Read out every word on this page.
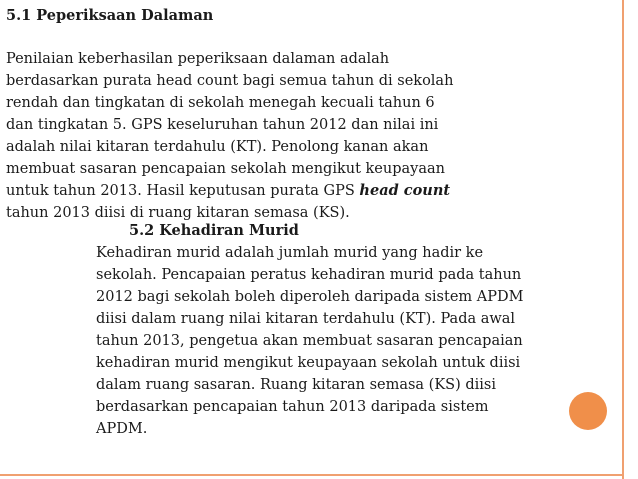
5.1 Peperiksaan Dalaman
Penilaian keberhasilan peperiksaan dalaman adalah
berdasarkan purata head count bagi semua tahun di sekolah
rendah dan tingkatan di sekolah menegah kecuali tahun 6
dan tingkatan 5. GPS keseluruhan tahun 2012 dan nilai ini
adalah nilai kitaran terdahulu (KT). Penolong kanan akan
membuat sasaran pencapaian sekolah mengikut keupayaan
untuk tahun 2013. Hasil keputusan purata GPS head count
tahun 2013 diisi di ruang kitaran semasa (KS).
5.2 Kehadiran Murid
Kehadiran murid adalah jumlah murid yang hadir ke
sekolah. Pencapaian peratus kehadiran murid pada tahun
2012 bagi sekolah boleh diperoleh daripada sistem APDM
diisi dalam ruang nilai kitaran terdahulu (KT). Pada awal
tahun 2013, pengetua akan membuat sasaran pencapaian
kehadiran murid mengikut keupayaan sekolah untuk diisi
dalam ruang sasaran. Ruang kitaran semasa (KS) diisi
berdasarkan pencapaian tahun 2013 daripada sistem
APDM.
